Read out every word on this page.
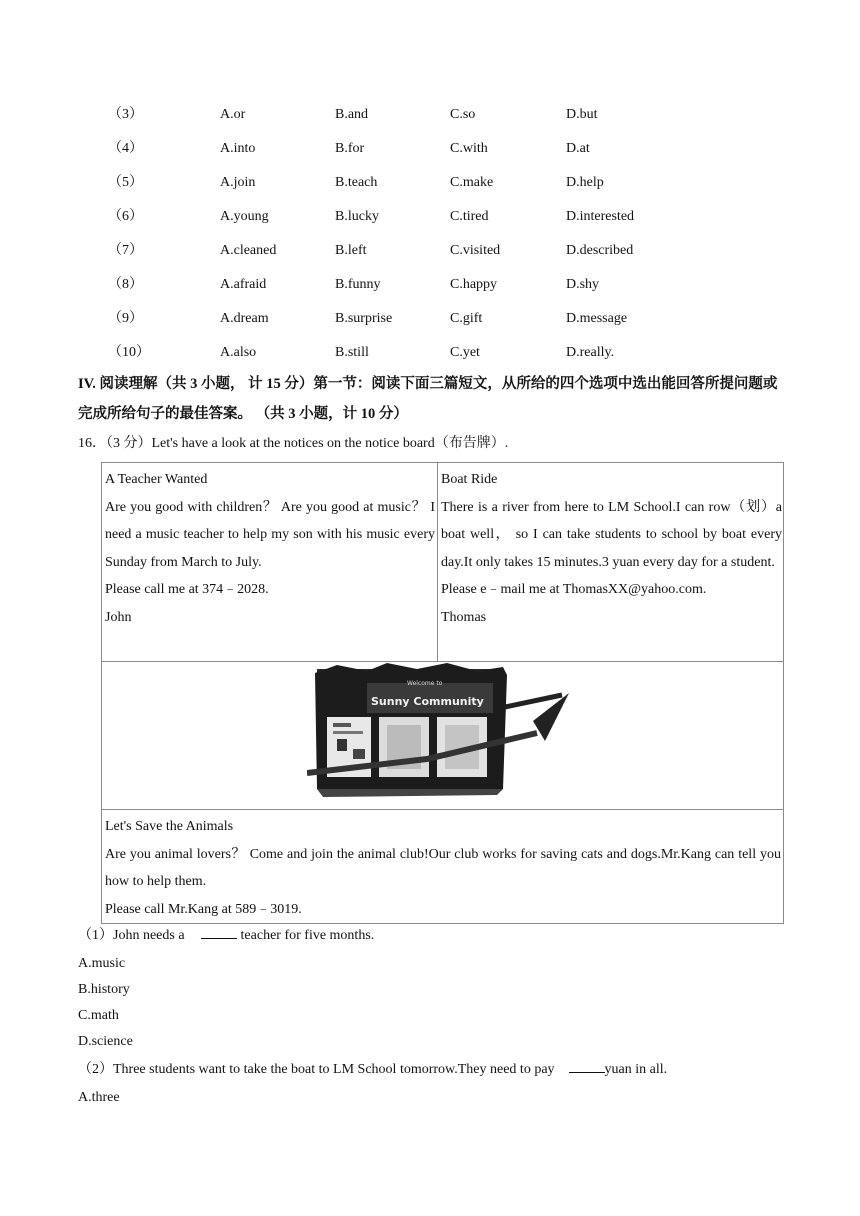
（3）	A.or	B.and	C.so	D.but
（4）	A.into	B.for	C.with	D.at
（5）	A.join	B.teach	C.make	D.help
（6）	A.young	B.lucky	C.tired	D.interested
（7）	A.cleaned	B.left	C.visited	D.described
（8）	A.afraid	B.funny	C.happy	D.shy
（9）	A.dream	B.surprise	C.gift	D.message
（10）	A.also	B.still	C.yet	D.really.
IV. 阅读理解（共 3 小题， 计 15 分）第一节：阅读下面三篇短文，从所给的四个选项中选出能回答所提问题或完成所给句子的最佳答案。 （共 3 小题，计 10 分）
16．（3 分）Let's have a look at the notices on the notice board（布告牌）.

A Teacher Wanted

Are you good with children？ Are you good at music？ I need a music teacher to help my son with his music every Sunday from March to July.

Please call me at 374﹣2028.

John

Boat Ride

There is a river from here to LM School.I can row（划）a boat well， so I can take students to school by boat every day.It only takes 15 minutes.3 yuan every day for a student.

Please e﹣mail me at ThomasXX@yahoo.com.

Thomas

Welcome to
Sunny Community

Let's Save the Animals

Are you animal lovers？ Come and join the animal club!Our club works for saving cats and dogs.Mr.Kang can tell you how to help them.

Please call Mr.Kang at 589﹣3019.

（1）John needs a	teacher for five months.
A.music
B.history
C.math
D.science
（2）Three students want to take the boat to LM School tomorrow.They need to pay	yuan in all.
A.three
